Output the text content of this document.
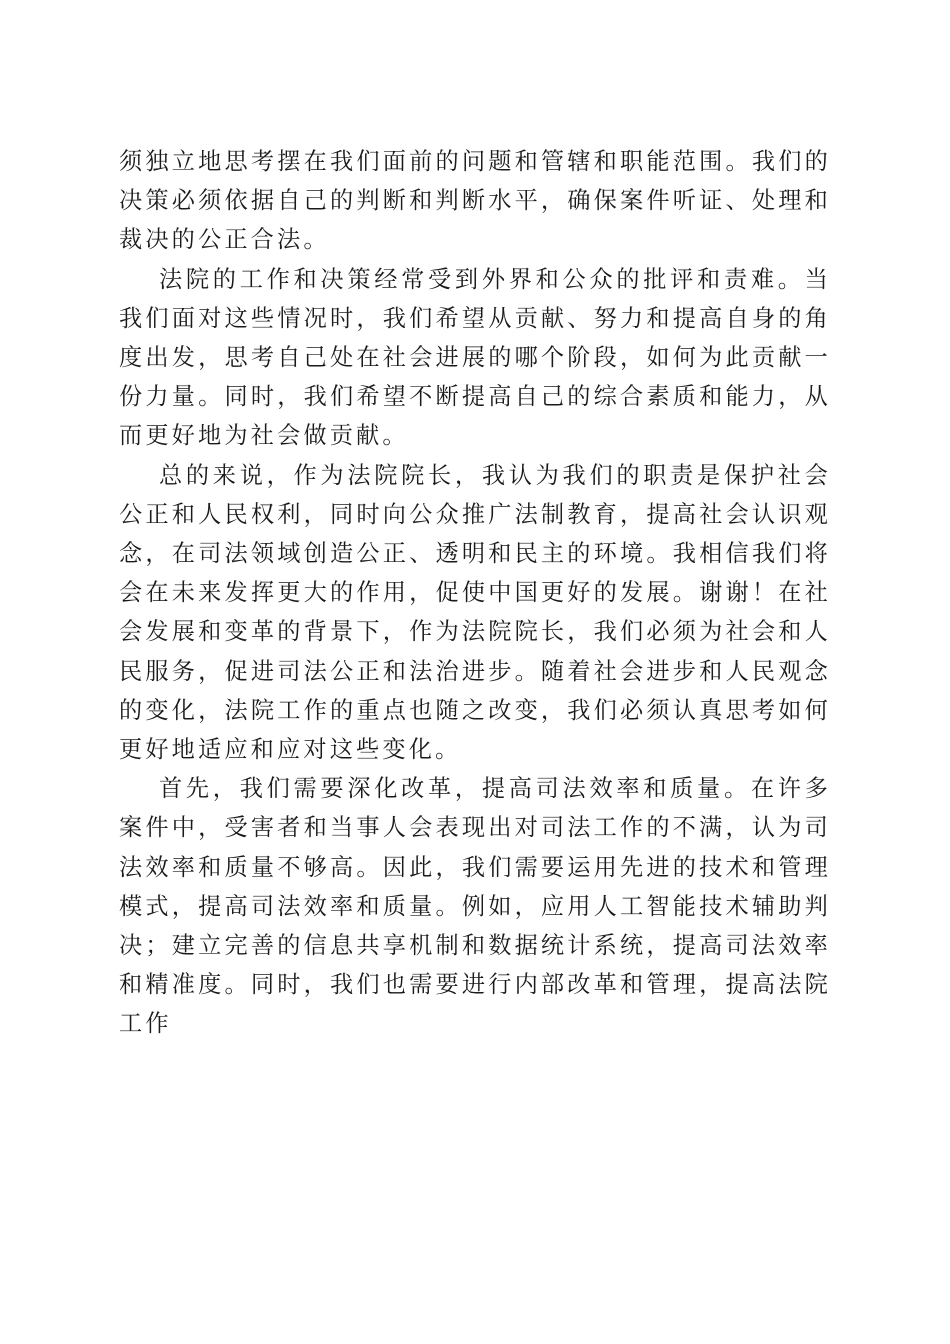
须独立地思考摆在我们面前的问题和管辖和职能范围。我们的决策必须依据自己的判断和判断水平，确保案件听证、处理和裁决的公正合法。

法院的工作和决策经常受到外界和公众的批评和责难。当我们面对这些情况时，我们希望从贡献、努力和提高自身的角度出发，思考自己处在社会进展的哪个阶段，如何为此贡献一份力量。同时，我们希望不断提高自己的综合素质和能力，从而更好地为社会做贡献。

总的来说，作为法院院长，我认为我们的职责是保护社会公正和人民权利，同时向公众推广法制教育，提高社会认识观念，在司法领域创造公正、透明和民主的环境。我相信我们将会在未来发挥更大的作用，促使中国更好的发展。谢谢！在社会发展和变革的背景下，作为法院院长，我们必须为社会和人民服务，促进司法公正和法治进步。随着社会进步和人民观念的变化，法院工作的重点也随之改变，我们必须认真思考如何更好地适应和应对这些变化。

首先，我们需要深化改革，提高司法效率和质量。在许多案件中，受害者和当事人会表现出对司法工作的不满，认为司法效率和质量不够高。因此，我们需要运用先进的技术和管理模式，提高司法效率和质量。例如，应用人工智能技术辅助判决；建立完善的信息共享机制和数据统计系统，提高司法效率和精准度。同时，我们也需要进行内部改革和管理，提高法院工作
